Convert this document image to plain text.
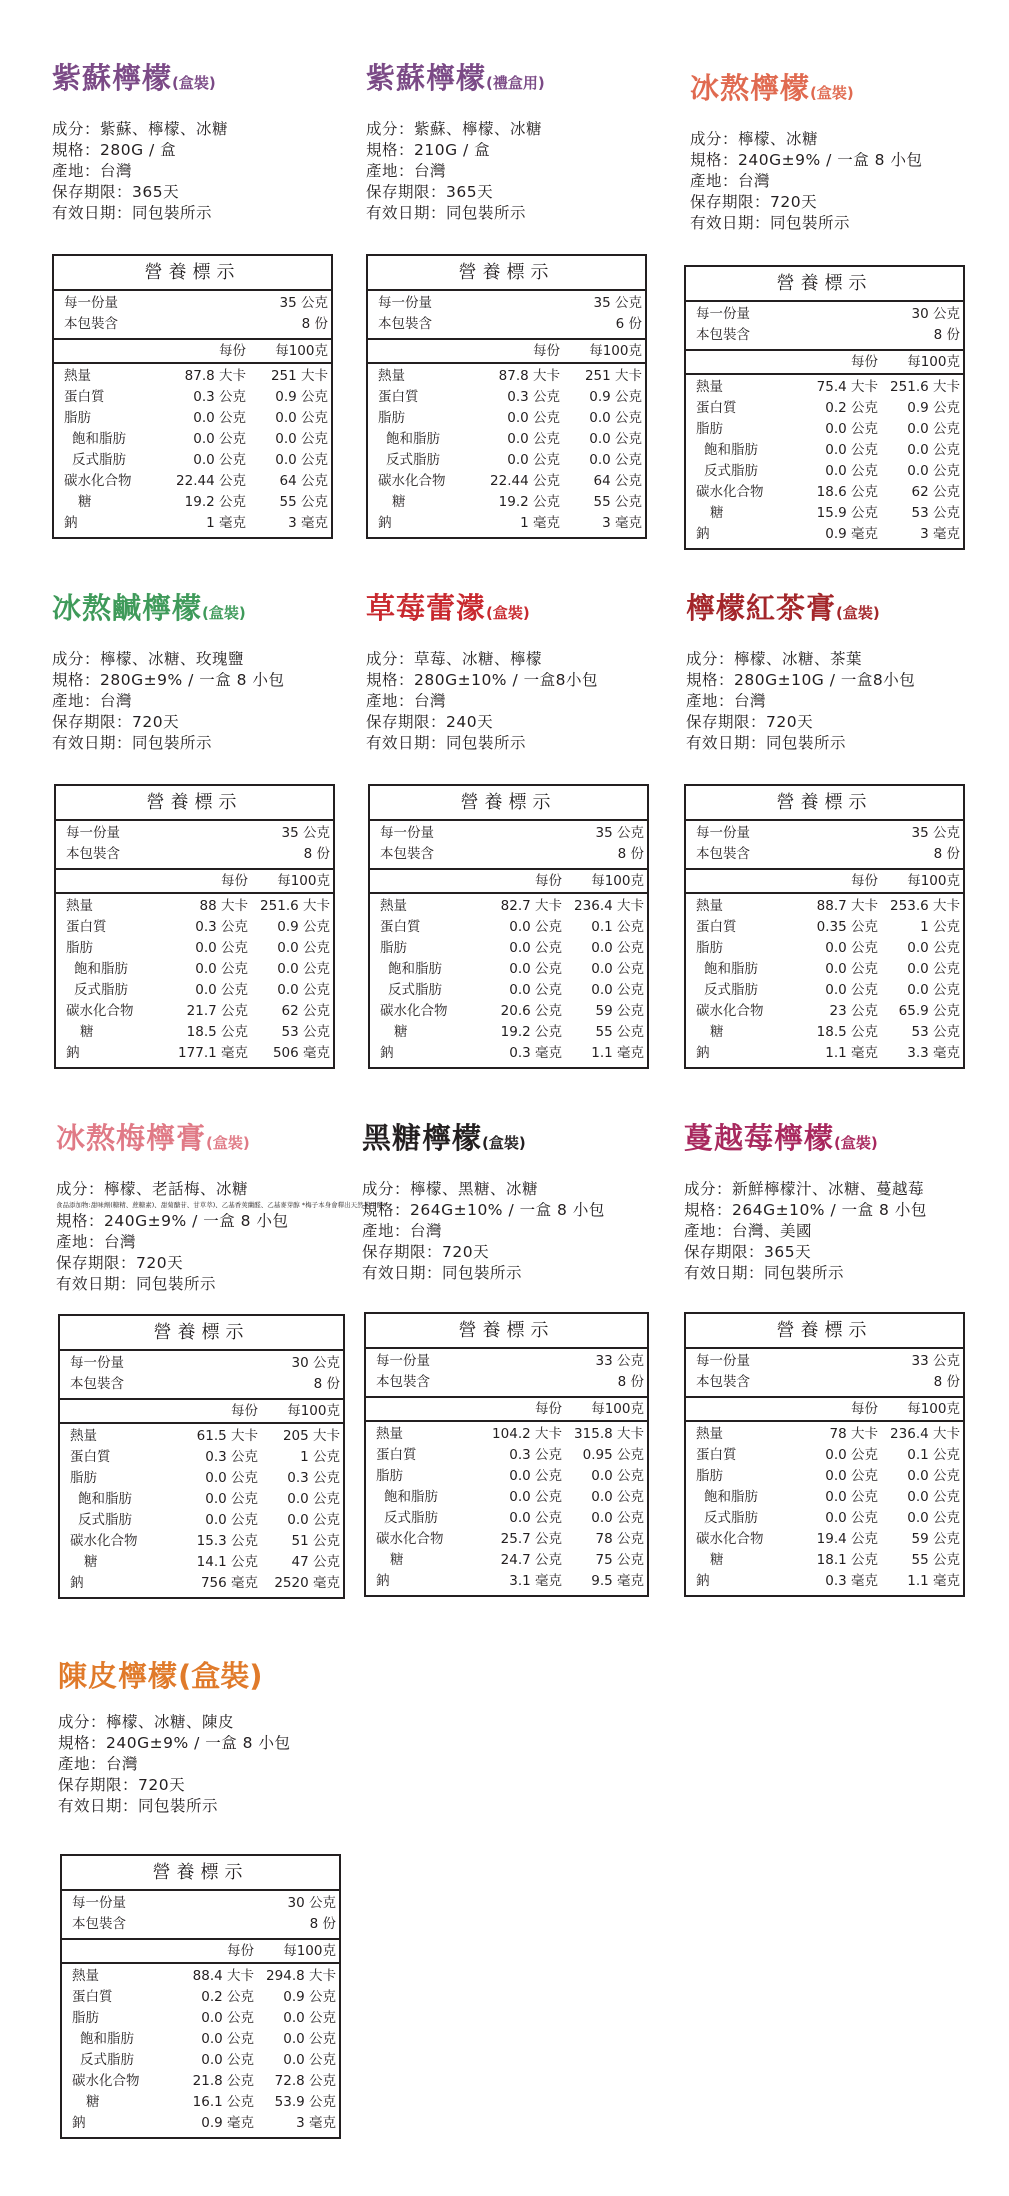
紫蘇檸檬(盒裝)
成分：紫蘇、檸檬、冰糖
規格：280G / 盒
產地：台灣
保存期限：365天
有效日期：同包裝所示
營養標示
每一份量	35 公克
本包裝含	8 份
每份	每100克
熱量	87.8 大卡	251 大卡
蛋白質	0.3 公克	0.9 公克
脂肪	0.0 公克	0.0 公克
飽和脂肪	0.0 公克	0.0 公克
反式脂肪	0.0 公克	0.0 公克
碳水化合物	22.44 公克	64 公克
糖	19.2 公克	55 公克
鈉	1 毫克	3 毫克
紫蘇檸檬(禮盒用)
成分：紫蘇、檸檬、冰糖
規格：210G / 盒
產地：台灣
保存期限：365天
有效日期：同包裝所示
營養標示
每一份量	35 公克
本包裝含	6 份
每份	每100克
熱量	87.8 大卡	251 大卡
蛋白質	0.3 公克	0.9 公克
脂肪	0.0 公克	0.0 公克
飽和脂肪	0.0 公克	0.0 公克
反式脂肪	0.0 公克	0.0 公克
碳水化合物	22.44 公克	64 公克
糖	19.2 公克	55 公克
鈉	1 毫克	3 毫克
冰熬檸檬(盒裝)
成分：檸檬、冰糖
規格：240G±9% / 一盒 8 小包
產地：台灣
保存期限：720天
有效日期：同包裝所示
營養標示
每一份量	30 公克
本包裝含	8 份
每份	每100克
熱量	75.4 大卡 251.6 大卡
蛋白質	0.2 公克	0.9 公克
脂肪	0.0 公克	0.0 公克
飽和脂肪	0.0 公克	0.0 公克
反式脂肪	0.0 公克	0.0 公克
碳水化合物	18.6 公克	62 公克
糖	15.9 公克	53 公克
鈉	0.9 毫克	3 毫克
冰熬鹹檸檬(盒裝)
成分：檸檬、冰糖、玫瑰鹽
規格：280G±9% / 一盒 8 小包
產地：台灣
保存期限：720天
有效日期：同包裝所示
營養標示
每一份量	35 公克
本包裝含	8 份
每份	每100克
熱量	88 大卡 251.6 大卡
蛋白質	0.3 公克	0.9 公克
脂肪	0.0 公克	0.0 公克
飽和脂肪	0.0 公克	0.0 公克
反式脂肪	0.0 公克	0.0 公克
碳水化合物	21.7 公克	62 公克
糖	18.5 公克	53 公克
鈉	177.1 毫克	506 毫克
草莓蕾濛(盒裝)
成分：草莓、冰糖、檸檬
規格：280G±10% / 一盒8小包
產地：台灣
保存期限：240天
有效日期：同包裝所示
營養標示
每一份量	35 公克
本包裝含	8 份
每份	每100克
熱量	82.7 大卡 236.4 大卡
蛋白質	0.0 公克	0.1 公克
脂肪	0.0 公克	0.0 公克
飽和脂肪	0.0 公克	0.0 公克
反式脂肪	0.0 公克	0.0 公克
碳水化合物	20.6 公克	59 公克
糖	19.2 公克	55 公克
鈉	0.3 毫克	1.1 毫克
檸檬紅茶膏(盒裝)
成分：檸檬、冰糖、茶葉
規格：280G±10G / 一盒8小包
產地：台灣
保存期限：720天
有效日期：同包裝所示
營養標示
每一份量	35 公克
本包裝含	8 份
每份	每100克
熱量	88.7 大卡 253.6 大卡
蛋白質	0.35 公克	1 公克
脂肪	0.0 公克	0.0 公克
飽和脂肪	0.0 公克	0.0 公克
反式脂肪	0.0 公克	0.0 公克
碳水化合物	23 公克	65.9 公克
糖	18.5 公克	53 公克
鈉	1.1 毫克	3.3 毫克
冰熬梅檸膏(盒裝)
成分：檸檬、老話梅、冰糖
食品添加物:甜味劑(糖精、蔗糖素)、甜菊醣苷、甘草萃)、乙基香莢蘭醛、乙基麥芽醇 *梅子本身會釋出天然苯甲酸*
規格：240G±9% / 一盒 8 小包
產地：台灣
保存期限：720天
有效日期：同包裝所示
營養標示
每一份量	30 公克
本包裝含	8 份
每份	每100克
熱量	61.5 大卡	205 大卡
蛋白質	0.3 公克	1 公克
脂肪	0.0 公克	0.3 公克
飽和脂肪	0.0 公克	0.0 公克
反式脂肪	0.0 公克	0.0 公克
碳水化合物	15.3 公克	51 公克
糖	14.1 公克	47 公克
鈉	756 毫克	2520 毫克
黑糖檸檬(盒裝)
成分：檸檬、黑糖、冰糖
規格：264G±10% / 一盒 8 小包
產地：台灣
保存期限：720天
有效日期：同包裝所示
營養標示
每一份量	33 公克
本包裝含	8 份
每份	每100克
熱量	104.2 大卡 315.8 大卡
蛋白質	0.3 公克	0.95 公克
脂肪	0.0 公克	0.0 公克
飽和脂肪	0.0 公克	0.0 公克
反式脂肪	0.0 公克	0.0 公克
碳水化合物	25.7 公克	78 公克
糖	24.7 公克	75 公克
鈉	3.1 毫克	9.5 毫克
蔓越莓檸檬(盒裝)
成分：新鮮檸檬汁、冰糖、蔓越莓
規格：264G±10% / 一盒 8 小包
產地：台灣、美國
保存期限：365天
有效日期：同包裝所示
營養標示
每一份量	33 公克
本包裝含	8 份
每份	每100克
熱量	78 大卡 236.4 大卡
蛋白質	0.0 公克	0.1 公克
脂肪	0.0 公克	0.0 公克
飽和脂肪	0.0 公克	0.0 公克
反式脂肪	0.0 公克	0.0 公克
碳水化合物	19.4 公克	59 公克
糖	18.1 公克	55 公克
鈉	0.3 毫克	1.1 毫克
陳皮檸檬(盒裝)
成分：檸檬、冰糖、陳皮
規格：240G±9% / 一盒 8 小包
產地：台灣
保存期限：720天
有效日期：同包裝所示
營養標示
每一份量	30 公克
本包裝含	8 份
每份	每100克
熱量	88.4 大卡 294.8 大卡
蛋白質	0.2 公克	0.9 公克
脂肪	0.0 公克	0.0 公克
飽和脂肪	0.0 公克	0.0 公克
反式脂肪	0.0 公克	0.0 公克
碳水化合物	21.8 公克	72.8 公克
糖	16.1 公克	53.9 公克
鈉	0.9 毫克	3 毫克
